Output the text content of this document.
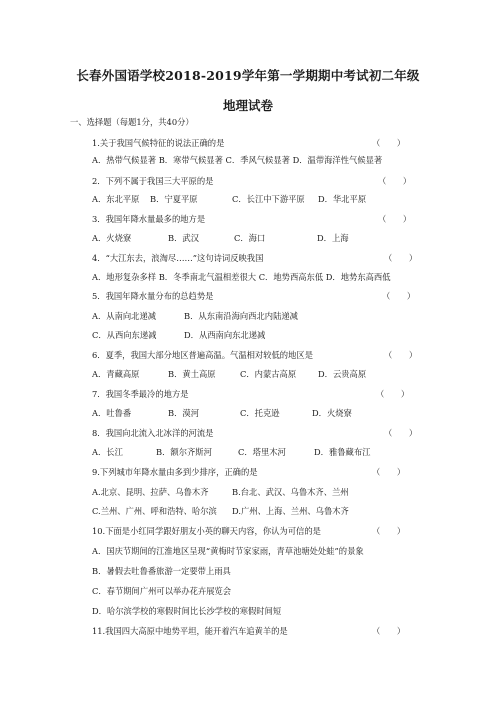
长春外国语学校2018-2019学年第一学期期中考试初二年级
地理试卷
一、选择题（每题1分，共40分）
1.关于我国气候特征的说法正确的是	（　　）
A．热带气候显著 B．寒带气候显著 C．季风气候显著 D．温带海洋性气候显著
2．下列不属于我国三大平原的是	（　　）
A．东北平原 B．宁夏平原	C．长江中下游平原 D．华北平原
3．我国年降水量最多的地方是	（　　）
A．火烧寮	B．武汉	C．海口	D．上海
4．“大江东去，浪淘尽……”这句诗词反映我国	（　　）
A．地形复杂多样 B．冬季南北气温相差很大 C．地势西高东低 D．地势东高西低
5．我国年降水量分布的总趋势是	（　　）
A．从南向北递减	B．从东南沿海向西北内陆递减
C．从西向东递减	D．从西南向东北递减
6．夏季，我国大部分地区普遍高温。气温相对较低的地区是	（　　）
A．青藏高原	B．黄土高原	C．内蒙古高原	D．云贵高原
7．我国冬季最冷的地方是	（　　）
A．吐鲁番	B．漠河	C．托克逊	D．火烧寮
8．我国向北流入北冰洋的河流是	（　　）
A．长江	B．额尔齐斯河	C．塔里木河	D．雅鲁藏布江
9.下列城市年降水量由多到少排序，正确的是	（　　）
A.北京、昆明、拉萨、乌鲁木齐	B.台北、武汉、乌鲁木齐、兰州
C.兰州、广州、呼和浩特、哈尔滨 D.广州、上海、兰州、乌鲁木齐
10.下面是小红同学跟好朋友小英的聊天内容，你认为可信的是	（　　）
A．国庆节期间的江淮地区呈现“黄梅时节家家雨，青草池塘处处蛙”的景象
B．暑假去吐鲁番旅游一定要带上雨具
C．春节期间广州可以举办花卉展览会
D．哈尔滨学校的寒假时间比长沙学校的寒假时间短
11.我国四大高原中地势平坦，能开着汽车追黄羊的是	（　　）
